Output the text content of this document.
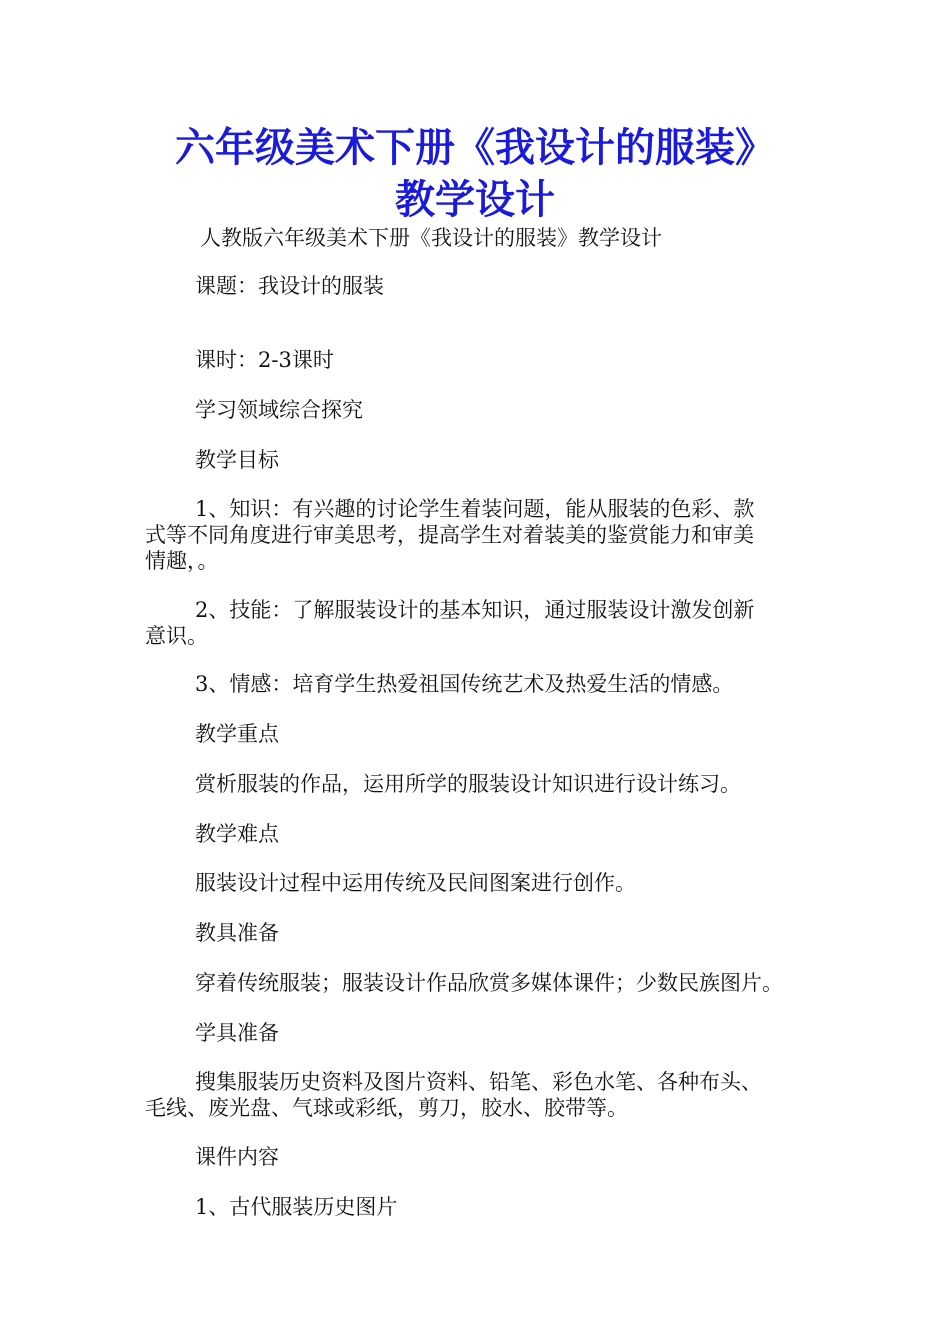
六年级美术下册《我设计的服装》
教学设计
人教版六年级美术下册《我设计的服装》教学设计
课题：我设计的服装
课时：2-3课时
学习领域综合探究
教学目标
1、知识：有兴趣的讨论学生着装问题，能从服装的色彩、款
式等不同角度进行审美思考，提高学生对着装美的鉴赏能力和审美
情趣，。
2、技能：了解服装设计的基本知识，通过服装设计激发创新
意识。
3、情感：培育学生热爱祖国传统艺术及热爱生活的情感。
教学重点
赏析服装的作品，运用所学的服装设计知识进行设计练习。
教学难点
服装设计过程中运用传统及民间图案进行创作。
教具准备
穿着传统服装；服装设计作品欣赏多媒体课件；少数民族图片。
学具准备
搜集服装历史资料及图片资料、铅笔、彩色水笔、各种布头、
毛线、废光盘、气球或彩纸，剪刀，胶水、胶带等。
课件内容
1、古代服装历史图片
